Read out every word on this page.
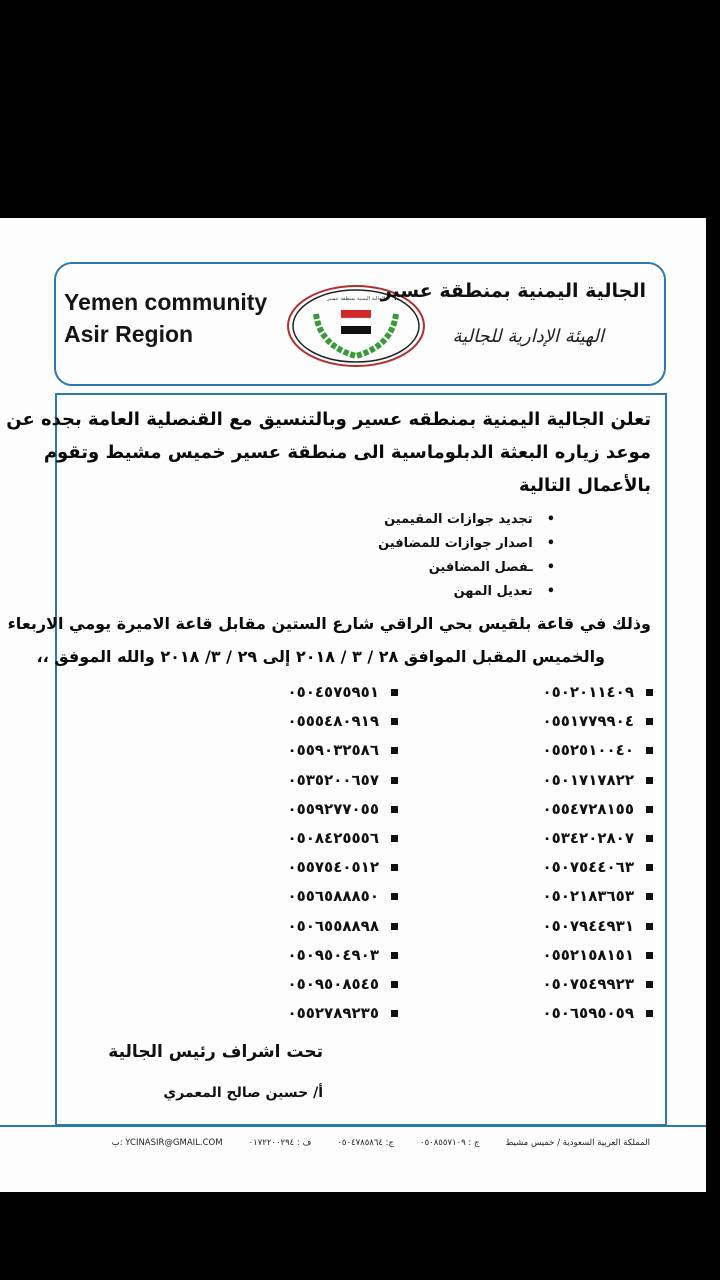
Yemen community
Asir Region
الجالية اليمنية بمنطقة عسير
الجالية اليمنية بمنطقة عسير
الهيئة الإدارية للجالية
تعلن الجالية اليمنية بمنطقه عسير وبالتنسيق مع القنصلية العامة بجده عن
موعد زياره البعثة الدبلوماسية الى منطقة عسير خميس مشيط وتقوم
بالأعمال التالية
• تجديد جوازات المقيمين
• اصدار جوازات للمضافين
• ـفصل المضافين
• تعديل المهن
وذلك في قاعة بلقيس بحي الراقي شارع الستين مقابل قاعة الاميرة يومي الاربعاء
والخميس المقبل الموافق ٢٨ / ٣ / ٢٠١٨ إلى ٢٩ / ٣/ ٢٠١٨ والله الموفق ،،
٠٥٠٢٠١١٤٠٩
٠٥٥١٧٧٩٩٠٤
٠٥٥٢٥١٠٠٤٠
٠٥٠١٧١٧٨٢٢
٠٥٥٤٧٢٨١٥٥
٠٥٣٤٢٠٢٨٠٧
٠٥٠٧٥٤٤٠٦٣
٠٥٠٢١٨٣٦٥٣
٠٥٠٧٩٤٤٩٣١
٠٥٥٢١٥٨١٥١
٠٥٠٧٥٤٩٩٢٣
٠٥٠٦٥٩٥٠٥٩
٠٥٠٤٥٧٥٩٥١
٠٥٥٥٤٨٠٩١٩
٠٥٥٩٠٣٢٥٨٦
٠٥٣٥٢٠٠٦٥٧
٠٥٥٩٢٧٧٠٥٥
٠٥٠٨٤٢٥٥٥٦
٠٥٥٧٥٤٠٥١٢
٠٥٥٦٥٨٨٨٥٠
٠٥٠٦٥٥٨٨٩٨
٠٥٠٩٥٠٤٩٠٣
٠٥٠٩٥٠٨٥٤٥
٠٥٥٢٧٨٩٢٣٥
تحت اشراف رئيس الجالية
أ/ حسين صالح المعمري
المملكة العربية السعودية / خميس مشيط
ج : ٠٥٠٨٥٥٧١٠٩
ج: ٠٥٠٤٧٨٥٨٦٤
ف : ٠١٧٢٢٠٠٢٩٤
ب: YCINASIR@GMAIL.COM
